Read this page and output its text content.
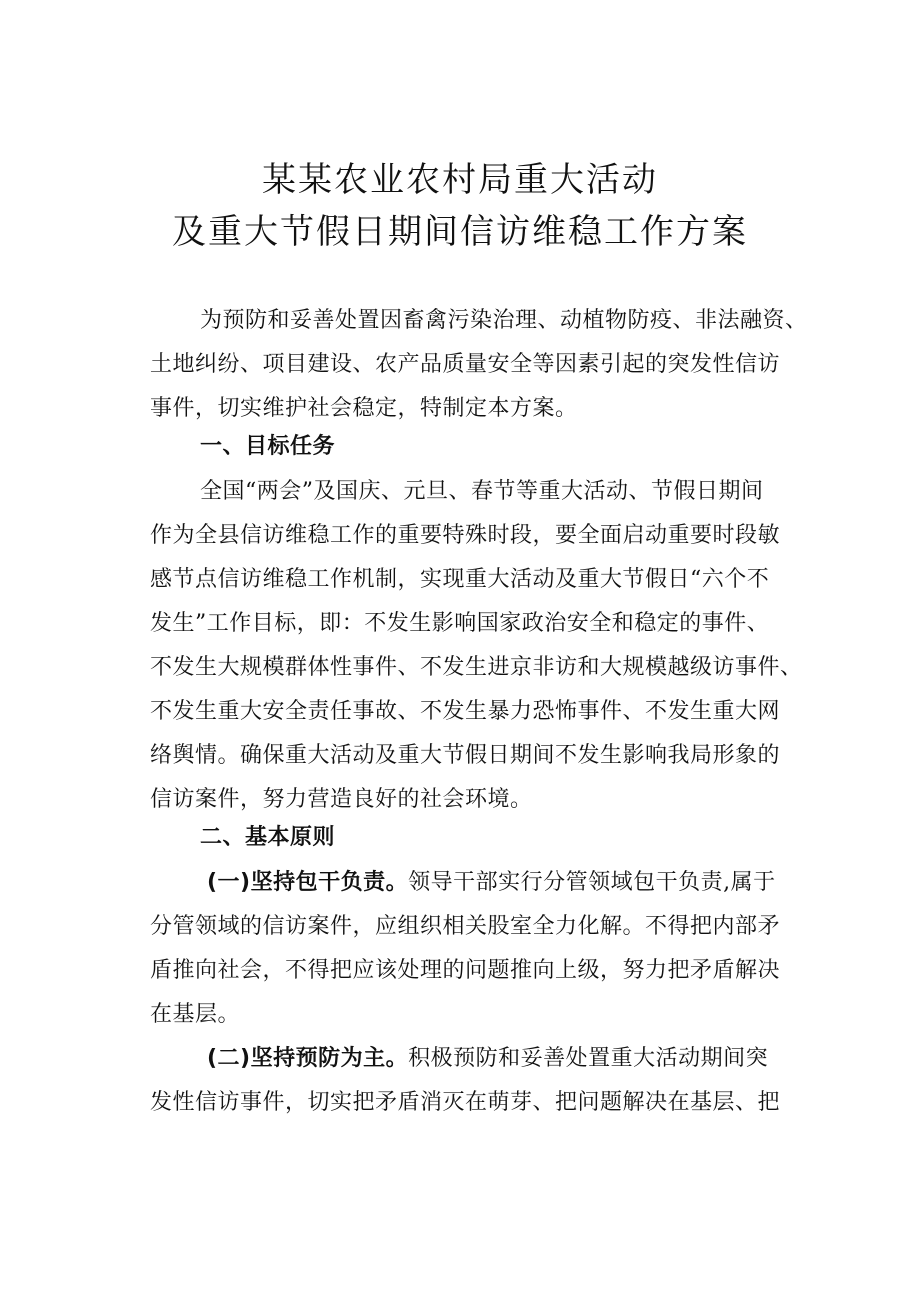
某某农业农村局重大活动
及重大节假日期间信访维稳工作方案
为预防和妥善处置因畜禽污染治理、动植物防疫、非法融资、
土地纠纷、项目建设、农产品质量安全等因素引起的突发性信访
事件，切实维护社会稳定，特制定本方案。
一、目标任务
全国“两会”及国庆、元旦、春节等重大活动、节假日期间
作为全县信访维稳工作的重要特殊时段，要全面启动重要时段敏
感节点信访维稳工作机制，实现重大活动及重大节假日“六个不
发生”工作目标，即：不发生影响国家政治安全和稳定的事件、
不发生大规模群体性事件、不发生进京非访和大规模越级访事件、
不发生重大安全责任事故、不发生暴力恐怖事件、不发生重大网
络舆情。确保重大活动及重大节假日期间不发生影响我局形象的
信访案件，努力营造良好的社会环境。
二、基本原则
(一)坚持包干负责。领导干部实行分管领域包干负责,属于
分管领域的信访案件，应组织相关股室全力化解。不得把内部矛
盾推向社会，不得把应该处理的问题推向上级，努力把矛盾解决
在基层。
(二)坚持预防为主。积极预防和妥善处置重大活动期间突
发性信访事件，切实把矛盾消灭在萌芽、把问题解决在基层、把
